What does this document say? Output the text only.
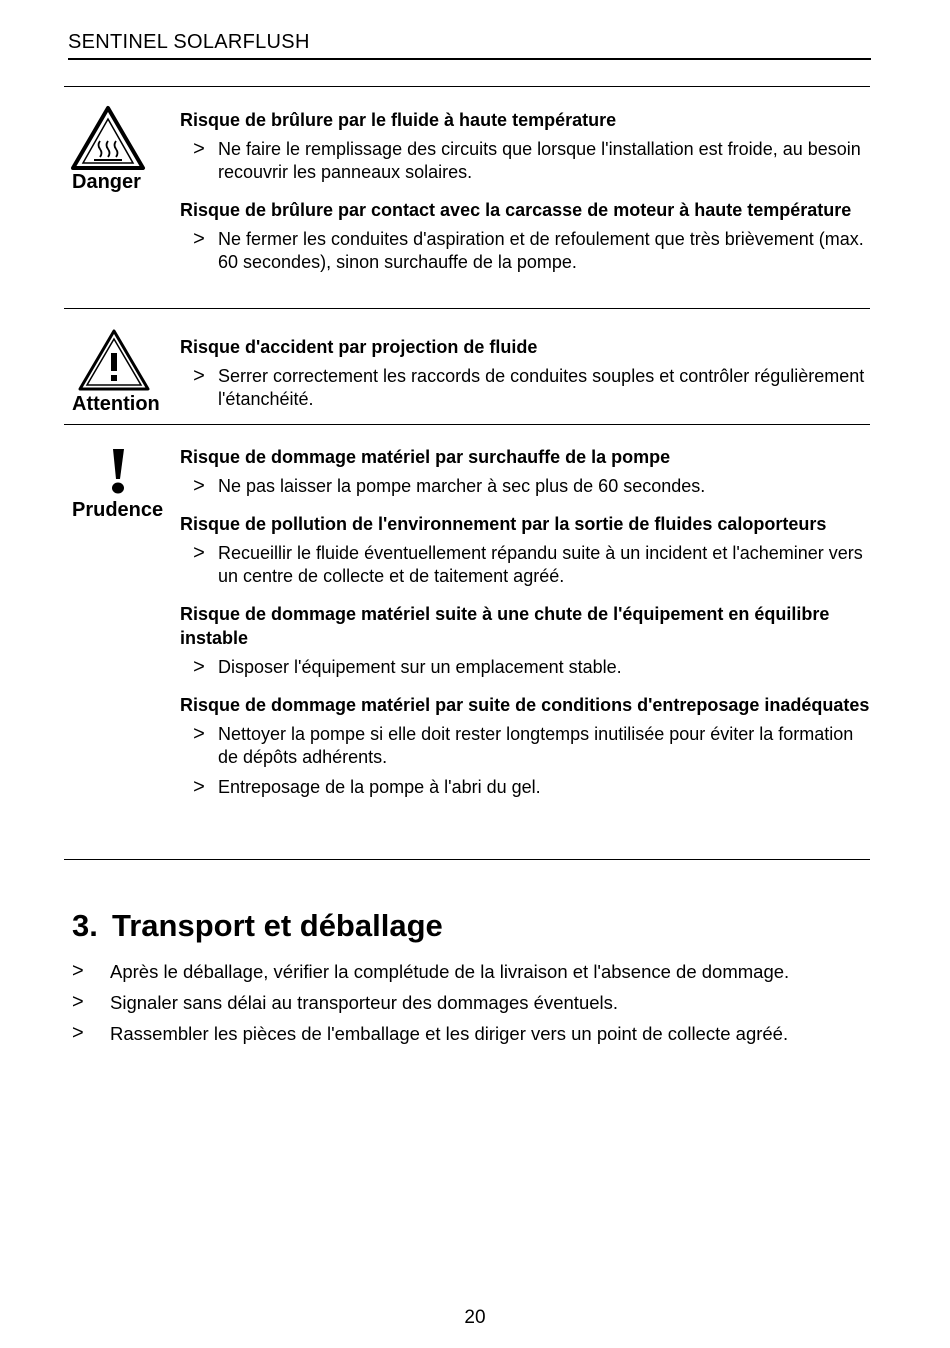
SENTINEL SOLARFLUSH
Danger
Risque de brûlure par le fluide à haute température
> Ne faire le remplissage des circuits que lorsque l'installation est froide, au besoin recouvrir les panneaux solaires.
Risque de brûlure par contact avec la carcasse de moteur à haute température
> Ne fermer les conduites d'aspiration et de refoulement que très brièvement (max. 60 secondes), sinon surchauffe de la pompe.
Attention
Risque d'accident par projection de fluide
> Serrer correctement les raccords de conduites souples et contrôler régulièrement l'étanchéité.
Prudence
Risque de dommage matériel par surchauffe de la pompe
> Ne pas laisser la pompe marcher à sec plus de 60 secondes.
Risque de pollution de l'environnement par la sortie de fluides caloporteurs
> Recueillir le fluide éventuellement répandu suite à un incident et l'acheminer vers un centre de collecte et de taitement agréé.
Risque de dommage matériel suite à une chute de l'équipement en équilibre instable
> Disposer l'équipement sur un emplacement stable.
Risque de dommage matériel par suite de conditions d'entreposage inadéquates
> Nettoyer la pompe si elle doit rester longtemps inutilisée pour éviter la formation de dépôts adhérents.
> Entreposage de la pompe à l'abri du gel.
3. Transport et déballage
>	Après le déballage, vérifier la complétude de la livraison et l'absence de dommage.
>	Signaler sans délai au transporteur des dommages éventuels.
>	Rassembler les pièces de l'emballage et les diriger vers un point de collecte agréé.
20
